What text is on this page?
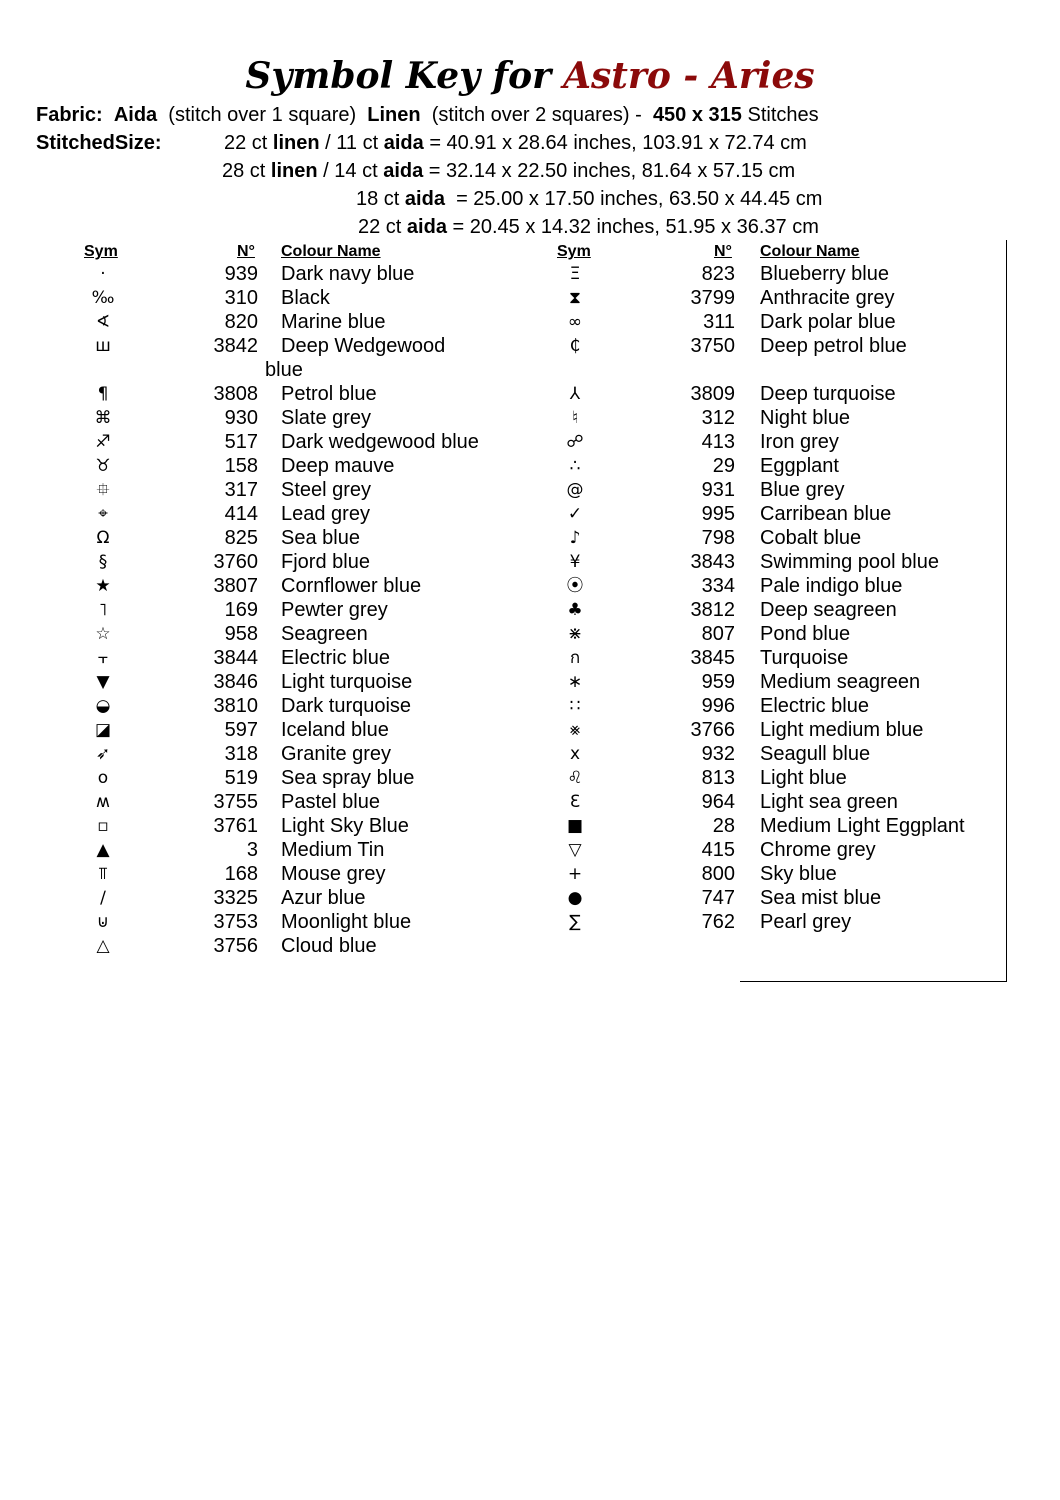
Symbol Key for Astro - Aries
Fabric: Aida (stitch over 1 square) Linen (stitch over 2 squares) - 450 x 315 Stitches
StitchedSize:	22 ct linen / 11 ct aida = 40.91 x 28.64 inches, 103.91 x 72.74 cm
28 ct linen / 14 ct aida = 32.14 x 22.50 inches, 81.64 x 57.15 cm
18 ct aida  = 25.00 x 17.50 inches, 63.50 x 44.45 cm
22 ct aida = 20.45 x 14.32 inches, 51.95 x 36.37 cm
Sym	N° Colour Name	Sym	N° Colour Name
·	939 Dark navy blue
‰	310 Black
∢	820 Marine blue
ш	3842	Deep Wedgewood blue
¶	3808 Petrol blue
⌘	930 Slate grey
♐	517 Dark wedgewood blue
♉	158 Deep mauve
⯐	317 Steel grey
⌖	414 Lead grey
Ω	825 Sea blue
§	3760 Fjord blue
★	3807 Cornflower blue
˥	169 Pewter grey
☆	958 Seagreen
⫟	3844 Electric blue
▼	3846 Light turquoise
◒	3810 Dark turquoise
◪	597 Iceland blue
➶	318 Granite grey
o	519 Sea spray blue
ʍ	3755 Pastel blue
▫	3761 Light Sky Blue
▲	3 Medium Tin
⫪	168 Mouse grey
∕	3325 Azur blue
⊍	3753 Moonlight blue
△	3756 Cloud blue
Ξ	823 Blueberry blue
⧗	3799 Anthracite grey
∞	311 Dark polar blue
₵	3750 Deep petrol blue
⅄	3809 Deep turquoise
♮	312 Night blue
☍	413 Iron grey
∴	29 Eggplant
@	931 Blue grey
✓	995 Carribean blue
♪	798 Cobalt blue
¥	3843 Swimming pool blue
⦿	334 Pale indigo blue
♣	3812 Deep seagreen
⋇	807 Pond blue
ก	3845 Turquoise
∗	959 Medium seagreen
∷	996 Electric blue
⨳	3766 Light medium blue
x	932 Seagull blue
♌	813 Light blue
Ɛ	964 Light sea green
■	28 Medium Light Eggplant
▽	415 Chrome grey
+	800 Sky blue
●	747 Sea mist blue
∑	762 Pearl grey
